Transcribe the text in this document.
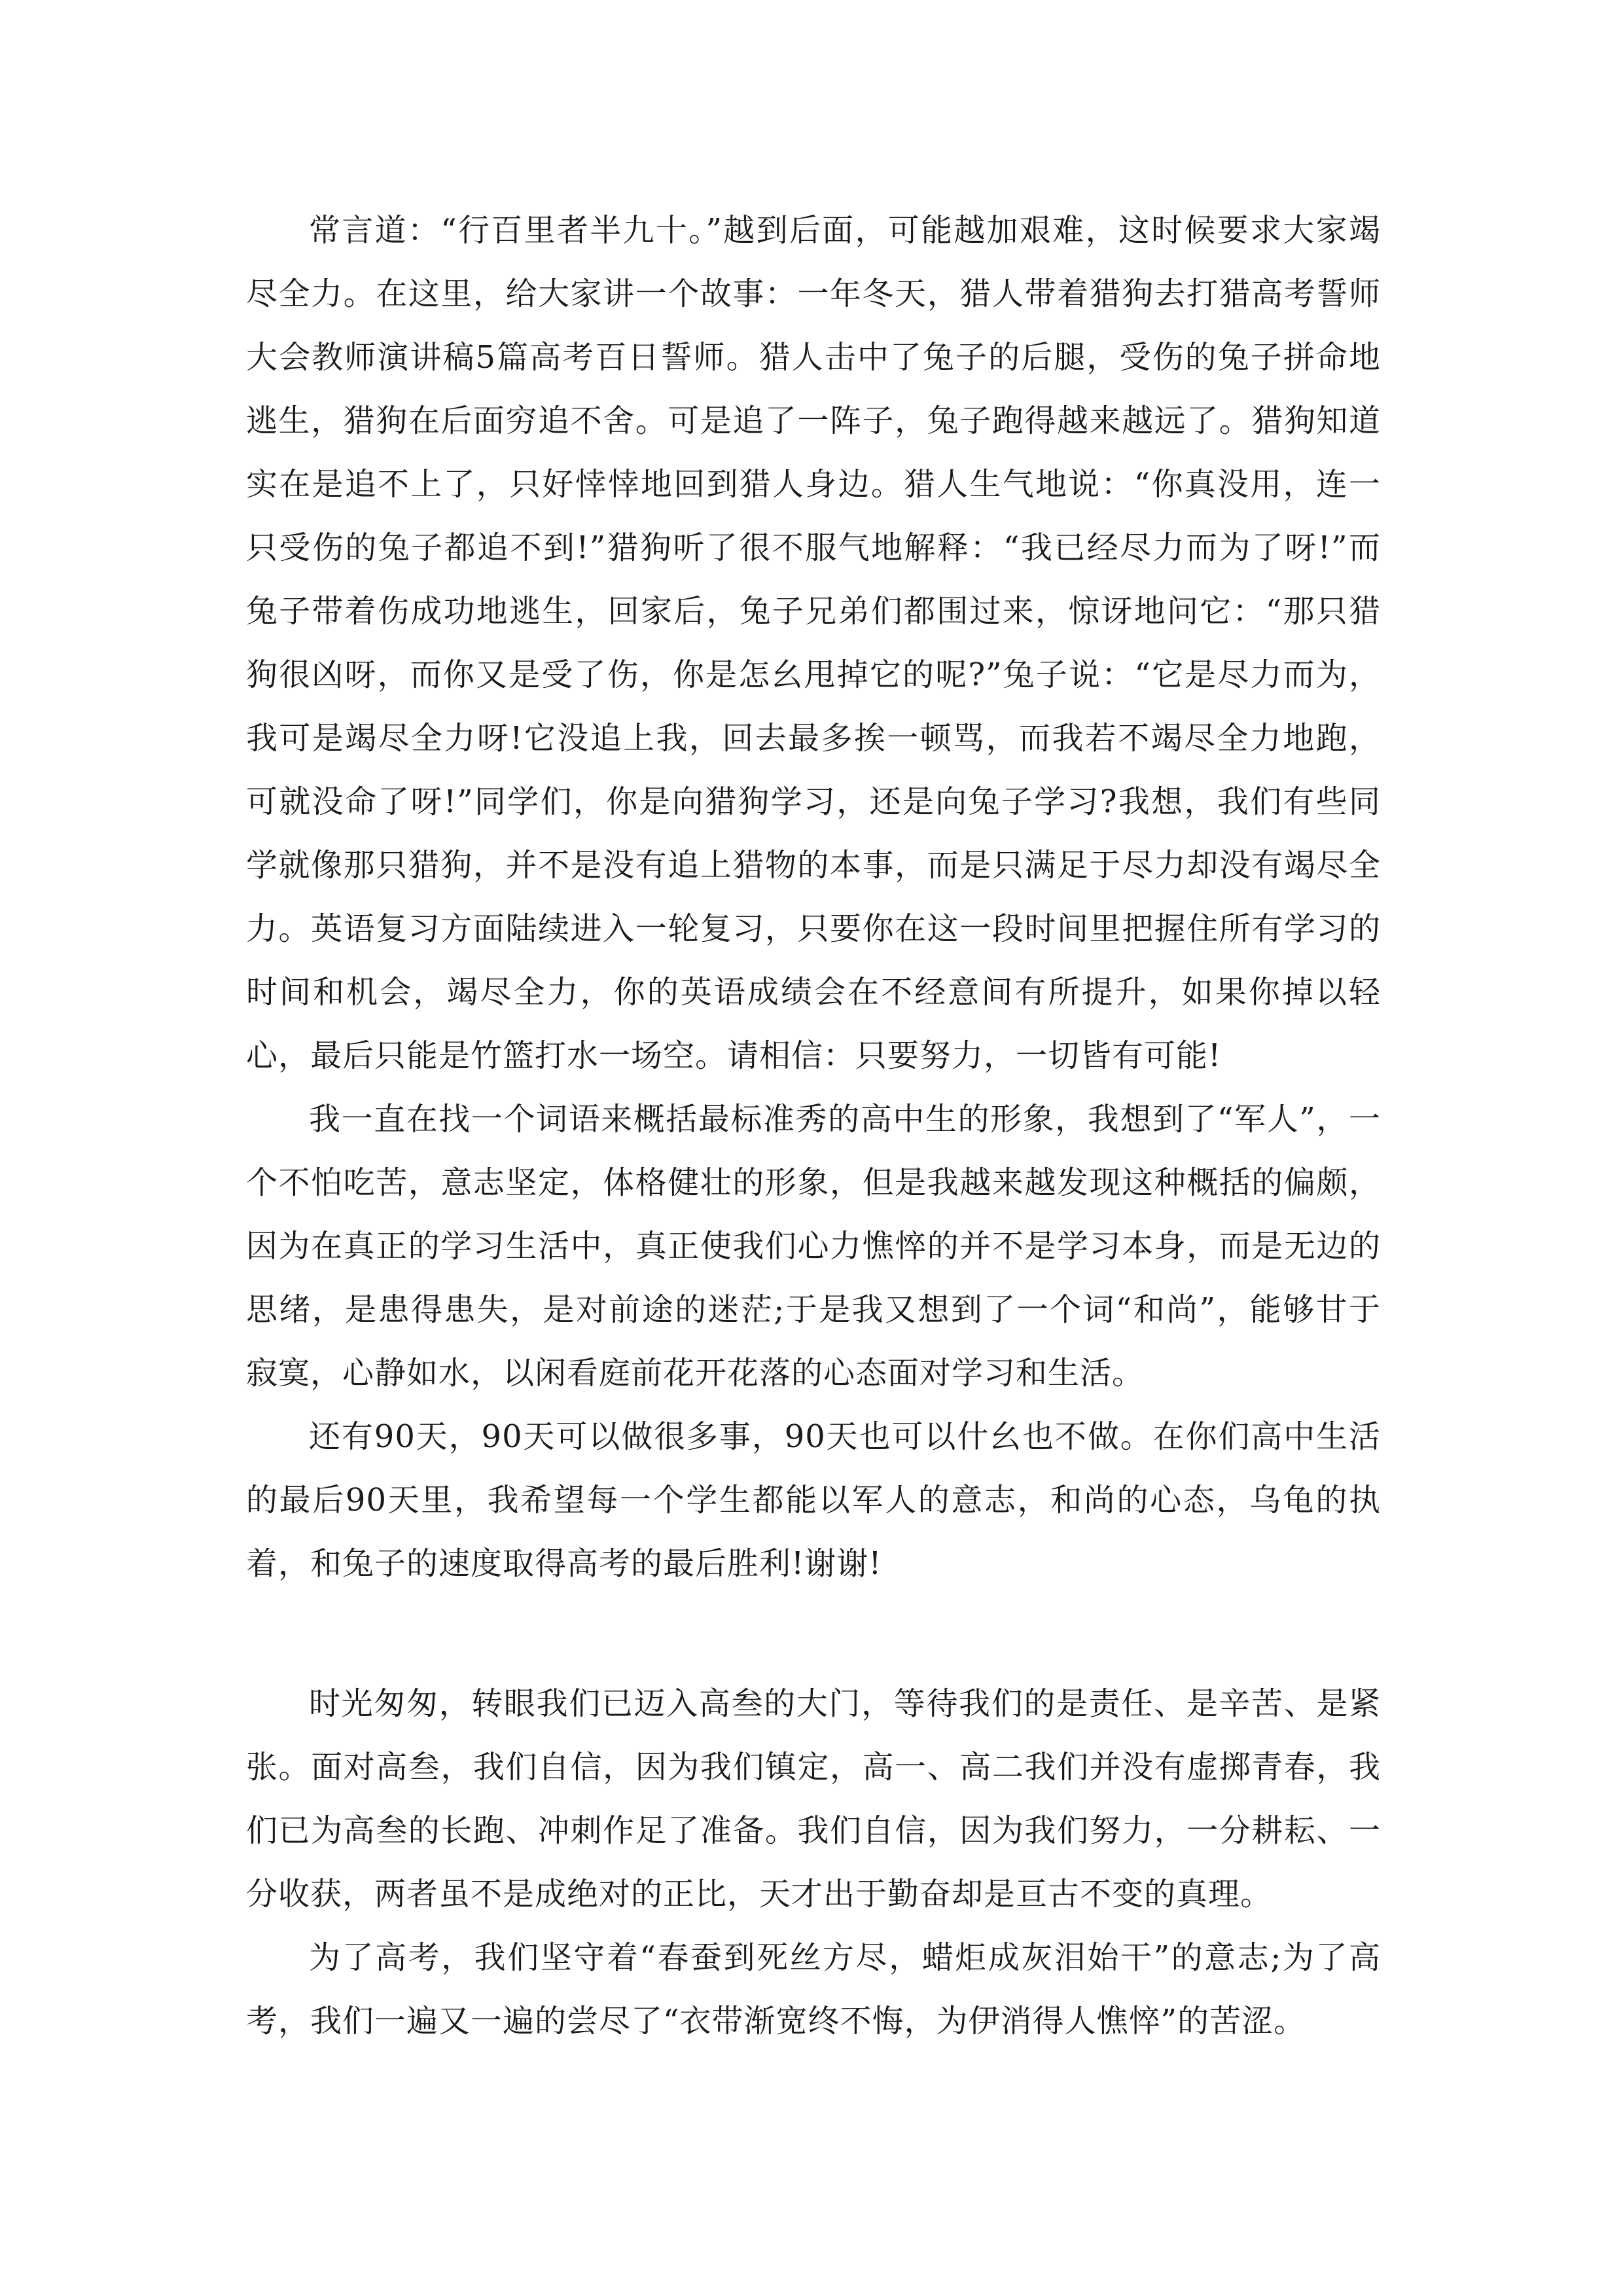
常言道：“行百里者半九十。”越到后面，可能越加艰难，这时候要求大家竭尽全力。在这里，给大家讲一个故事：一年冬天，猎人带着猎狗去打猎高考誓师大会教师演讲稿5篇高考百日誓师。猎人击中了兔子的后腿，受伤的兔子拼命地逃生，猎狗在后面穷追不舍。可是追了一阵子，兔子跑得越来越远了。猎狗知道实在是追不上了，只好悻悻地回到猎人身边。猎人生气地说：“你真没用，连一只受伤的兔子都追不到!”猎狗听了很不服气地解释：“我已经尽力而为了呀!”而兔子带着伤成功地逃生，回家后，兔子兄弟们都围过来，惊讶地问它：“那只猎狗很凶呀，而你又是受了伤，你是怎幺甩掉它的呢?”兔子说：“它是尽力而为，我可是竭尽全力呀!它没追上我，回去最多挨一顿骂，而我若不竭尽全力地跑，可就没命了呀!”同学们，你是向猎狗学习，还是向兔子学习?我想，我们有些同学就像那只猎狗，并不是没有追上猎物的本事，而是只满足于尽力却没有竭尽全力。英语复习方面陆续进入一轮复习，只要你在这一段时间里把握住所有学习的时间和机会，竭尽全力，你的英语成绩会在不经意间有所提升，如果你掉以轻心，最后只能是竹篮打水一场空。请相信：只要努力，一切皆有可能!

我一直在找一个词语来概括最标准秀的高中生的形象，我想到了“军人”，一个不怕吃苦，意志坚定，体格健壮的形象，但是我越来越发现这种概括的偏颇，因为在真正的学习生活中，真正使我们心力憔悴的并不是学习本身，而是无边的思绪，是患得患失，是对前途的迷茫;于是我又想到了一个词“和尚”，能够甘于寂寞，心静如水，以闲看庭前花开花落的心态面对学习和生活。

还有90天，90天可以做很多事，90天也可以什幺也不做。在你们高中生活的最后90天里，我希望每一个学生都能以军人的意志，和尚的心态，乌龟的执着，和兔子的速度取得高考的最后胜利!谢谢!

时光匆匆，转眼我们已迈入高叁的大门，等待我们的是责任、是辛苦、是紧张。面对高叁，我们自信，因为我们镇定，高一、高二我们并没有虚掷青春，我们已为高叁的长跑、冲刺作足了准备。我们自信，因为我们努力，一分耕耘、一分收获，两者虽不是成绝对的正比，天才出于勤奋却是亘古不变的真理。

为了高考，我们坚守着“春蚕到死丝方尽，蜡炬成灰泪始干”的意志;为了高考，我们一遍又一遍的尝尽了“衣带渐宽终不悔，为伊消得人憔悴”的苦涩。
